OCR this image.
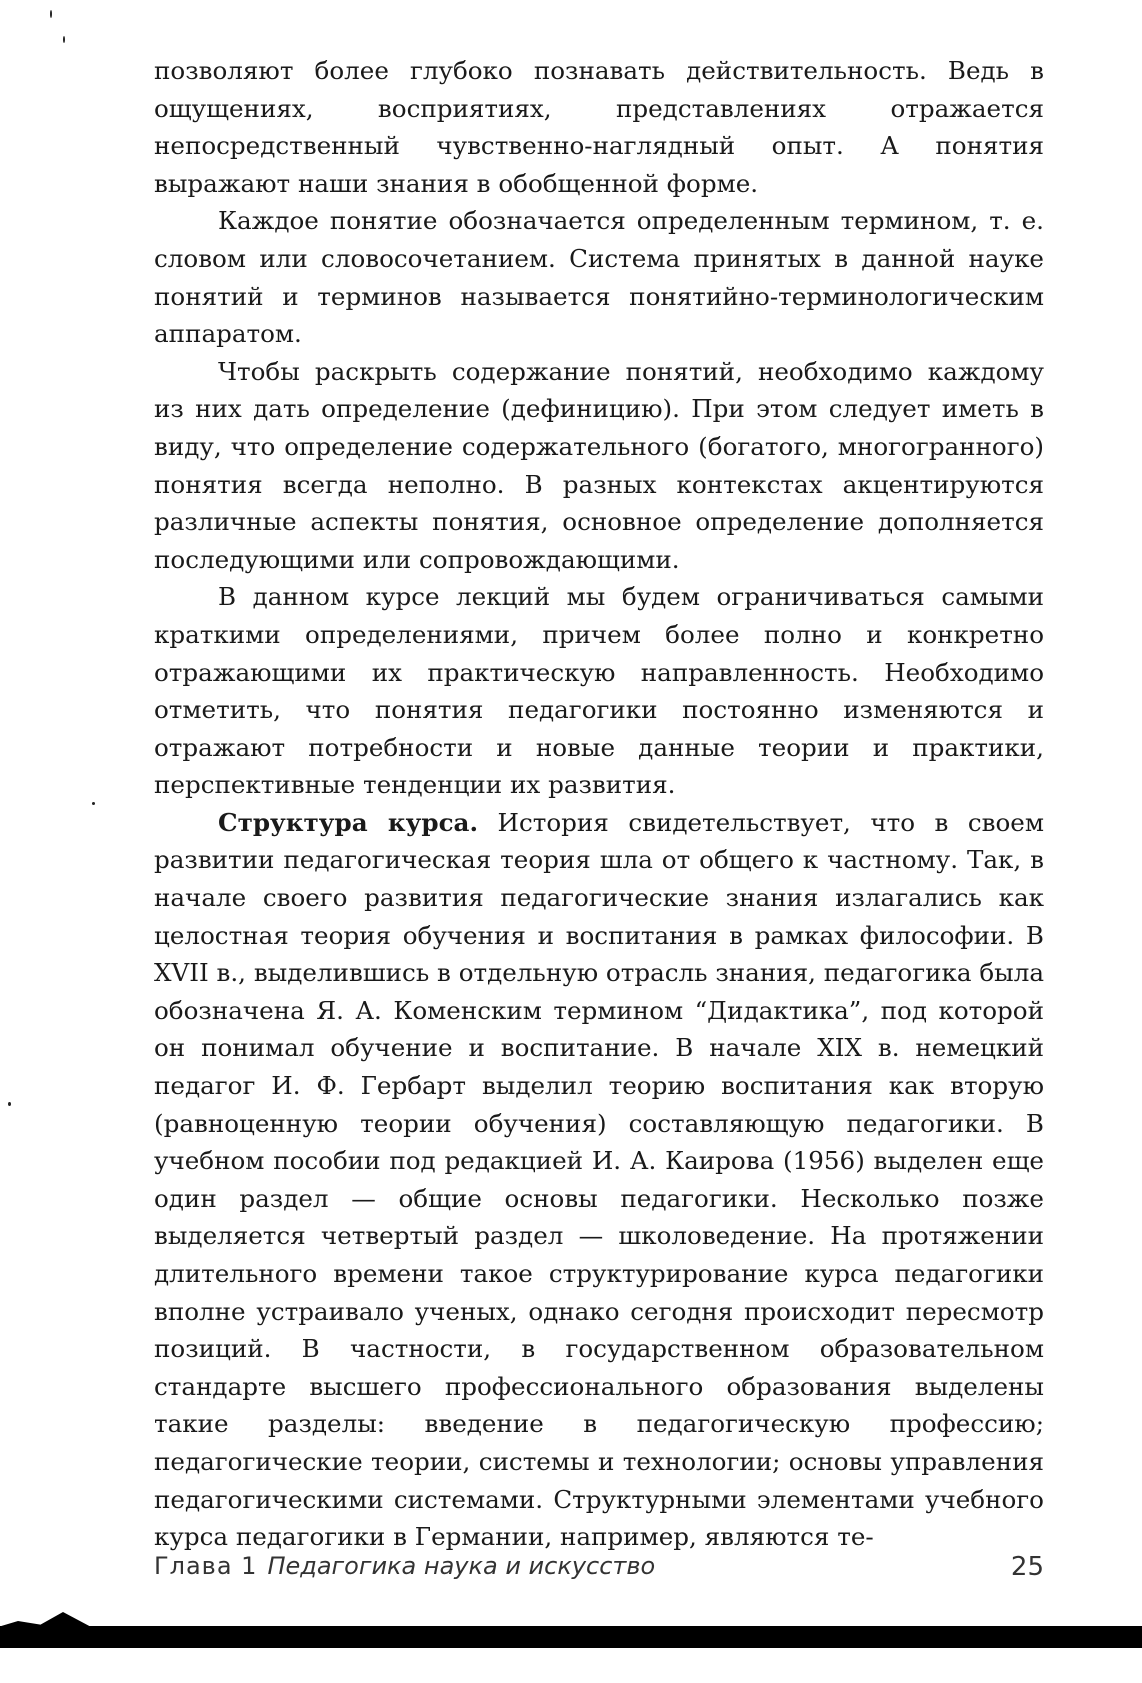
позволяют более глубоко познавать действительность. Ведь в ощущениях, восприятиях, представлениях отражается непосредственный чувственно-наглядный опыт. А понятия выражают наши знания в обобщенной форме.

Каждое понятие обозначается определенным термином, т. е. словом или словосочетанием. Система принятых в данной науке понятий и терминов называется понятийно-терминологическим аппаратом.

Чтобы раскрыть содержание понятий, необходимо каждому из них дать определение (дефиницию). При этом следует иметь в виду, что определение содержательного (богатого, многогранного) понятия всегда неполно. В разных контекстах акцентируются различные аспекты понятия, основное определение дополняется последующими или сопровождающими.

В данном курсе лекций мы будем ограничиваться самыми краткими определениями, причем более полно и конкретно отражающими их практическую направленность. Необходимо отметить, что понятия педагогики постоянно изменяются и отражают потребности и новые данные теории и практики, перспективные тенденции их развития.

Структура курса. История свидетельствует, что в своем развитии педагогическая теория шла от общего к частному. Так, в начале своего развития педагогические знания излагались как целостная теория обучения и воспитания в рамках философии. В XVII в., выделившись в отдельную отрасль знания, педагогика была обозначена Я. А. Коменским термином “Дидактика”, под которой он понимал обучение и воспитание. В начале XIX в. немецкий педагог И. Ф. Гербарт выделил теорию воспитания как вторую (равноценную теории обучения) составляющую педагогики. В учебном пособии под редакцией И. А. Каирова (1956) выделен еще один раздел — общие основы педагогики. Несколько позже выделяется четвертый раздел — школоведение. На протяжении длительного времени такое структурирование курса педагогики вполне устраивало ученых, однако сегодня происходит пересмотр позиций. В частности, в государственном образовательном стандарте высшего профессионального образования выделены такие разделы: введение в педагогическую профессию; педагогические теории, системы и технологии; основы управления педагогическими системами. Структурными элементами учебного курса педагогики в Германии, например, являются те-

Глава 1 Педагогика наука и искусство	25
